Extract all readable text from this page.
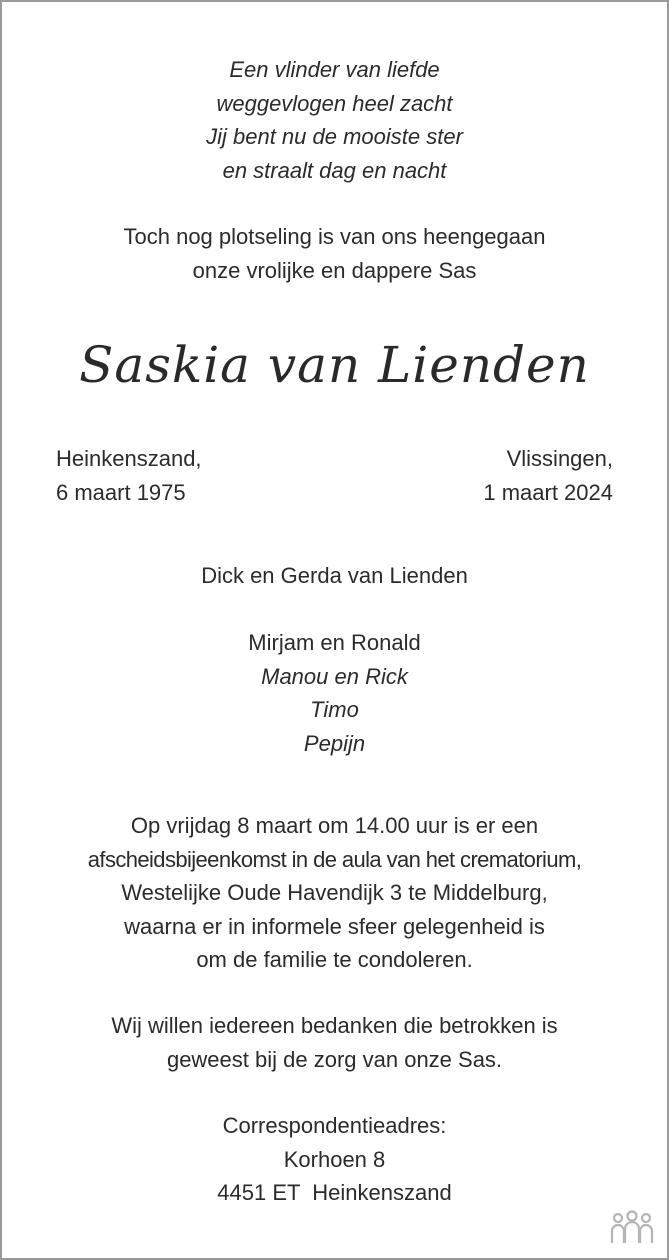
Een vlinder van liefde
weggevlogen heel zacht
Jij bent nu de mooiste ster
en straalt dag en nacht
Toch nog plotseling is van ons heengegaan
onze vrolijke en dappere Sas
Saskia van Lienden
Heinkenszand,
6 maart 1975
Vlissingen,
1 maart 2024
Dick en Gerda van Lienden
Mirjam en Ronald
Manou en Rick
Timo
Pepijn
Op vrijdag 8 maart om 14.00 uur is er een
afscheidsbijeenkomst in de aula van het crematorium,
Westelijke Oude Havendijk 3 te Middelburg,
waarna er in informele sfeer gelegenheid is
om de familie te condoleren.
Wij willen iedereen bedanken die betrokken is
geweest bij de zorg van onze Sas.
Correspondentieadres:
Korhoen 8
4451 ET  Heinkenszand
